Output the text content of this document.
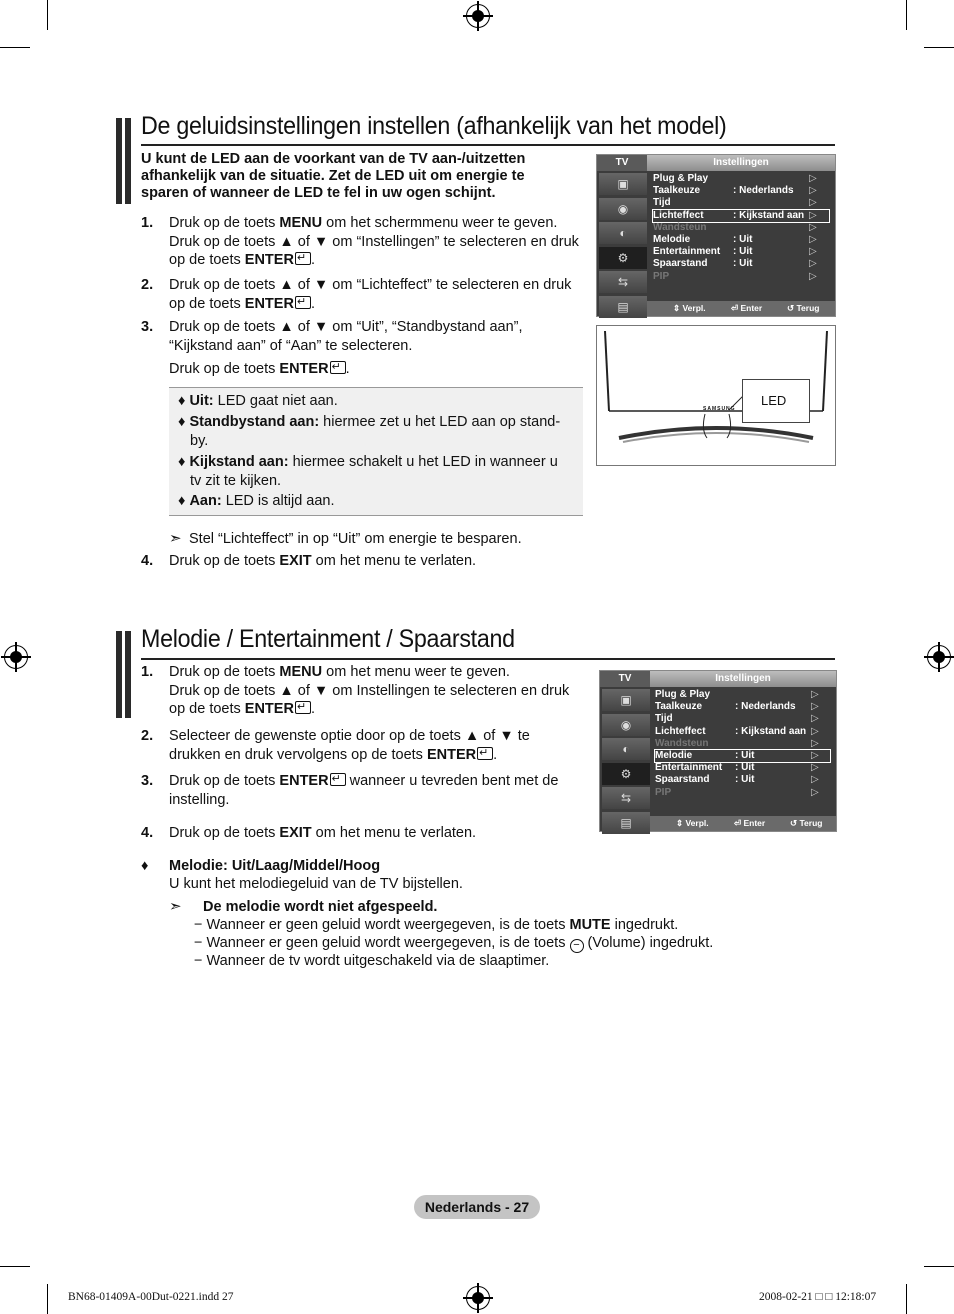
De geluidsinstellingen instellen (afhankelijk van het model)
U kunt de LED aan de voorkant van de TV aan-/uitzetten afhankelijk van de situatie. Zet de LED uit om energie te sparen of wanneer de LED te fel in uw ogen schijnt.
1. Druk op de toets MENU om het schermmenu weer te geven.
Druk op de toets ▲ of ▼ om “Instellingen” te selecteren en druk
op de toets ENTER ↵ .
2. Druk op de toets ▲ of ▼ om “Lichteffect” te selecteren en druk
op de toets ENTER ↵ .
3. Druk op de toets ▲ of ▼ om “Uit”, “Standbystand aan”,
“Kijkstand aan” of “Aan” te selecteren.
Druk op de toets ENTER ↵ .
♦ Uit: LED gaat niet aan.
♦ Standbystand aan: hiermee zet u het LED aan op stand-
by.
♦ Kijkstand aan: hiermee schakelt u het LED in wanneer u
tv zit te kijken.
♦ Aan: LED is altijd aan.
➣ Stel “Lichteffect” in op “Uit” om energie te besparen.
4. Druk op de toets EXIT om het menu te verlaten.
TV	Instellingen
▣
◉
◐
⚙
⇆
▤
Plug & Play	▷
Taalkeuze	: Nederlands ▷
Tijd	▷
Lichteffect	: Kijkstand aan ▷
Wandsteun	▷
Melodie	: Uit	▷
Entertainment : Uit	▷
Spaarstand	: Uit	▷
PIP	▷
⇕ Verpl.	⏎ Enter	↺ Terug
SAMSUNG
LED
Melodie / Entertainment / Spaarstand
1. Druk op de toets MENU om het menu weer te geven.
Druk op de toets ▲ of ▼ om Instellingen te selecteren en druk
op de toets ENTER ↵ .
2. Selecteer de gewenste optie door op de toets ▲ of ▼ te
drukken en druk vervolgens op de toets ENTER ↵ .
3. Druk op de toets ENTER↵ wanneer u tevreden bent met de
instelling.
4. Druk op de toets EXIT om het menu te verlaten.
TV	Instellingen
▣
◉
◐
⚙
⇆
▤
Plug & Play	▷
Taalkeuze	: Nederlands ▷
Tijd	▷
Lichteffect	: Kijkstand aan ▷
Wandsteun	▷
Melodie	: Uit	▷
Entertainment : Uit	▷
Spaarstand	: Uit	▷
PIP	▷
⇕ Verpl.	⏎ Enter	↺ Terug
♦ Melodie: Uit/Laag/Middel/Hoog
U kunt het melodiegeluid van de TV bijstellen.
➣ De melodie wordt niet afgespeeld.
− Wanneer er geen geluid wordt weergegeven, is de toets MUTE ingedrukt.
− Wanneer er geen geluid wordt weergegeven, is de toets − (Volume) ingedrukt.
− Wanneer de tv wordt uitgeschakeld via de slaaptimer.
Nederlands - 27
BN68-01409A-00Dut-0221.indd 27	2008-02-21 □ □ 12:18:07
